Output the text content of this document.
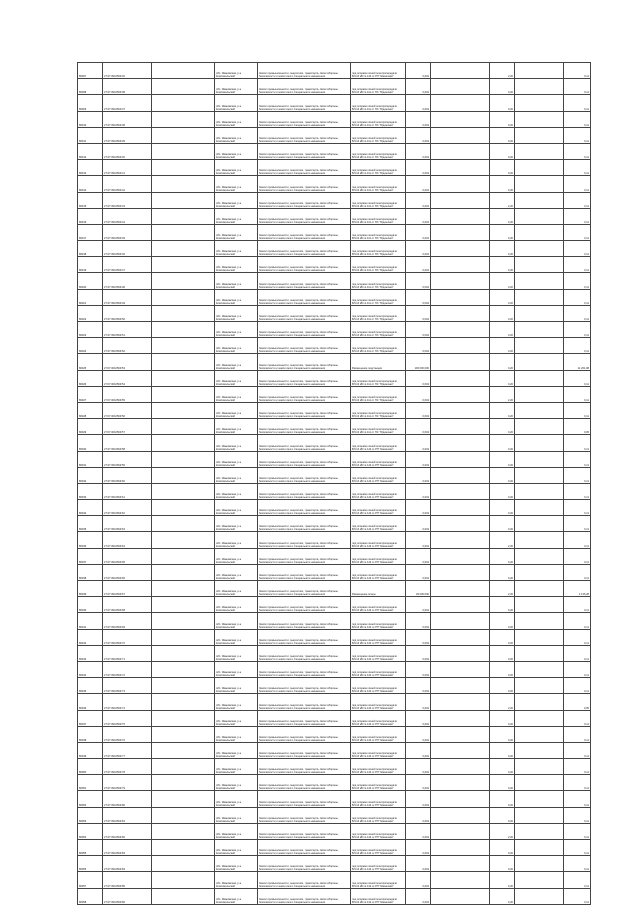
86007	27:07:0010509:32		обл. Ивановская, р-н Комсомольский	Земли промышленности, энергетики, транспорта, связи обороны, безопасности и земли иного специального назначения	под опорами линий электропередачи ВЛ-10 кВ № 144 от РП "Шевелево"	0,004		2,20		0,11
86008	27:07:0010509:38		обл. Ивановская, р-н Комсомольский	Земли промышленности, энергетики, транспорта, связи обороны, безопасности и земли иного специального назначения	под опорами линий электропередачи ВЛ-10 кВ № 111 от ПС "Юдинская"	0,004		0,20		0,11
86009	27:07:0010509:37		обл. Ивановская, р-н Комсомольский	Земли промышленности, энергетики, транспорта, связи обороны, безопасности и земли иного специального назначения	под опорами линий электропередачи ВЛ-10 кВ № 111 от ПС "Юдинская"	0,004		0,20		0,11
86010	27:07:0010509:38		обл. Ивановская, р-н Комсомольский	Земли промышленности, энергетики, транспорта, связи обороны, безопасности и земли иного специального назначения	под опорами линий электропередачи ВЛ-10 кВ № 111 от ПС "Юдинская"	0,004		0,20		0,11
86011	27:07:0010509:39		обл. Ивановская, р-н Комсомольский	Земли промышленности, энергетики, транспорта, связи обороны, безопасности и земли иного специального назначения	под опорами линий электропередачи ВЛ-10 кВ № 111 от ПС "Юдинская"	0,004		0,20		0,11
86012	27:07:0010509:40		обл. Ивановская, р-н Комсомольский	Земли промышленности, энергетики, транспорта, связи обороны, безопасности и земли иного специального назначения	под опорами линий электропередачи ВЛ-10 кВ № 111 от ПС "Юдинская"	0,004		0,20		0,11
86013	27:07:0010509:41		обл. Ивановская, р-н Комсомольский	Земли промышленности, энергетики, транспорта, связи обороны, безопасности и земли иного специального назначения	под опорами линий электропередачи ВЛ-10 кВ № 111 от ПС "Юдинская"	0,004		0,20		0,11
86014	27:07:0010509:42		обл. Ивановская, р-н Комсомольский	Земли промышленности, энергетики, транспорта, связи обороны, безопасности и земли иного специального назначения	под опорами линий электропередачи ВЛ-10 кВ № 111 от ПС "Юдинская"	0,004		0,20		0,11
86015	27:07:0010509:43		обл. Ивановская, р-н Комсомольский	Земли промышленности, энергетики, транспорта, связи обороны, безопасности и земли иного специального назначения	под опорами линий электропередачи ВЛ-10 кВ № 111 от ПС "Юдинская"	0,004		2,20		0,11
86016	27:07:0010509:44		обл. Ивановская, р-н Комсомольский	Земли промышленности, энергетики, транспорта, связи обороны, безопасности и земли иного специального назначения	под опорами линий электропередачи ВЛ-10 кВ № 111 от ПС "Юдинская"	0,004		0,20		0,11
86017	27:07:0010509:45		обл. Ивановская, р-н Комсомольский	Земли промышленности, энергетики, транспорта, связи обороны, безопасности и земли иного специального назначения	под опорами линий электропередачи ВЛ-10 кВ № 111 от ПС "Юдинская"	0,004		0,20		0,11
86018	27:07:0010509:46		обл. Ивановская, р-н Комсомольский	Земли промышленности, энергетики, транспорта, связи обороны, безопасности и земли иного специального назначения	под опорами линий электропередачи ВЛ-10 кВ № 111 от ПС "Юдинская"	0,004		0,20		0,11
86019	27:07:0010509:47		обл. Ивановская, р-н Комсомольский	Земли промышленности, энергетики, транспорта, связи обороны, безопасности и земли иного специального назначения	под опорами линий электропередачи ВЛ-10 кВ № 111 от ПС "Юдинская"	0,004		0,20		0,11
86020	27:07:0010509:48		обл. Ивановская, р-н Комсомольский	Земли промышленности, энергетики, транспорта, связи обороны, безопасности и земли иного специального назначения	под опорами линий электропередачи ВЛ-10 кВ № 111 от ПС "Юдинская"	0,004		0,20		0,11
86021	27:07:0010509:49		обл. Ивановская, р-н Комсомольский	Земли промышленности, энергетики, транспорта, связи обороны, безопасности и земли иного специального назначения	под опорами линий электропередачи ВЛ-10 кВ № 111 от ПС "Юдинская"	0,004		0,20		0,11
86022	27:07:0010509:50		обл. Ивановская, р-н Комсомольский	Земли промышленности, энергетики, транспорта, связи обороны, безопасности и земли иного специального назначения	под опорами линий электропередачи ВЛ-10 кВ № 111 от ПС "Юдинская"	0,004		0,20		0,11
86023	27:07:0010509:51		обл. Ивановская, р-н Комсомольский	Земли промышленности, энергетики, транспорта, связи обороны, безопасности и земли иного специального назначения	под опорами линий электропередачи ВЛ-10 кВ № 111 от ПС "Юдинская"	0,004		0,20		0,11
86024	27:07:0010509:52		обл. Ивановская, р-н Комсомольский	Земли промышленности, энергетики, транспорта, связи обороны, безопасности и земли иного специального назначения	под опорами линий электропередачи ВЛ-10 кВ № 111 от ПС "Юдинская"	0,004		0,20		0,11
86025	27:07:0010509:53		обл. Ивановская, р-н Комсомольский	Земли промышленности, энергетики, транспорта, связи обороны, безопасности и земли иного специального назначения	Размещение подстанции	100 000,000		0,20		11 261,98
86026	27:07:0010509:54		обл. Ивановская, р-н Комсомольский	Земли промышленности, энергетики, транспорта, связи обороны, безопасности и земли иного специального назначения	под опорами линий электропередачи ВЛ-10 кВ № 111 от ПС "Юдинская"	0,004		0,20		0,11
86027	27:07:0010509:55		обл. Ивановская, р-н Комсомольский	Земли промышленности, энергетики, транспорта, связи обороны, безопасности и земли иного специального назначения	под опорами линий электропередачи ВЛ-10 кВ № 111 от ПС "Юдинская"	0,004		2,20		0,11
86028	27:07:0010509:56		обл. Ивановская, р-н Комсомольский	Земли промышленности, энергетики, транспорта, связи обороны, безопасности и земли иного специального назначения	под опорами линий электропередачи ВЛ-10 кВ № 111 от ПС "Юдинская"	0,004		0,20		0,11
86029	27:07:0010509:57		обл. Ивановская, р-н Комсомольский	Земли промышленности, энергетики, транспорта, связи обороны, безопасности и земли иного специального назначения	под опорами линий электропередачи ВЛ-10 кВ № 111 от ПС "Юдинская"	0,004		0,20		0,05
86030	27:07:0010509:58		обл. Ивановская, р-н Комсомольский	Земли промышленности, энергетики, транспорта, связи обороны, безопасности и земли иного специального назначения	под опорами линий электропередачи ВЛ-10 кВ № 144 от РП "Шевелево"	0,004		0,20		0,11
86031	27:07:0010509:59		обл. Ивановская, р-н Комсомольский	Земли промышленности, энергетики, транспорта, связи обороны, безопасности и земли иного специального назначения	под опорами линий электропередачи ВЛ-10 кВ № 144 от РП "Шевелево"	0,004		0,20		0,11
86032	27:07:0010509:60		обл. Ивановская, р-н Комсомольский	Земли промышленности, энергетики, транспорта, связи обороны, безопасности и земли иного специального назначения	под опорами линий электропередачи ВЛ-10 кВ № 144 от РП "Шевелево"	0,004		0,20		0,11
86033	27:07:0010509:61		обл. Ивановская, р-н Комсомольский	Земли промышленности, энергетики, транспорта, связи обороны, безопасности и земли иного специального назначения	под опорами линий электропередачи ВЛ-10 кВ № 144 от РП "Шевелево"	0,004		0,20		0,11
86034	27:07:0010509:62		обл. Ивановская, р-н Комсомольский	Земли промышленности, энергетики, транспорта, связи обороны, безопасности и земли иного специального назначения	под опорами линий электропередачи ВЛ-10 кВ № 144 от РП "Шевелево"	0,004		0,20		0,11
86035	27:07:0010509:63		обл. Ивановская, р-н Комсомольский	Земли промышленности, энергетики, транспорта, связи обороны, безопасности и земли иного специального назначения	под опорами линий электропередачи ВЛ-10 кВ № 144 от РП "Шевелево"	0,004		0,20		0,11
86036	27:07:0010509:64		обл. Ивановская, р-н Комсомольский	Земли промышленности, энергетики, транспорта, связи обороны, безопасности и земли иного специального назначения	под опорами линий электропередачи ВЛ-10 кВ № 144 от РП "Шевелево"	0,004		2,20		0,11
86037	27:07:0010509:65		обл. Ивановская, р-н Комсомольский	Земли промышленности, энергетики, транспорта, связи обороны, безопасности и земли иного специального назначения	под опорами линий электропередачи ВЛ-10 кВ № 144 от РП "Шевелево"	0,004		0,20		0,11
86038	27:07:0010509:66		обл. Ивановская, р-н Комсомольский	Земли промышленности, энергетики, транспорта, связи обороны, безопасности и земли иного специального назначения	под опорами линий электропередачи ВЛ-10 кВ № 144 от РП "Шевелево"	0,004		0,20		0,11
86039	27:07:0010509:67		обл. Ивановская, р-н Комсомольский	Земли промышленности, энергетики, транспорта, связи обороны, безопасности и земли иного специального назначения	Размещение опоры	29 000,000		2,20		2 136,28
86040	27:07:0010509:68		обл. Ивановская, р-н Комсомольский	Земли промышленности, энергетики, транспорта, связи обороны, безопасности и земли иного специального назначения	под опорами линий электропередачи ВЛ-10 кВ № 144 от РП "Шевелево"	0,004		0,20		0,11
86041	27:07:0010509:69		обл. Ивановская, р-н Комсомольский	Земли промышленности, энергетики, транспорта, связи обороны, безопасности и земли иного специального назначения	под опорами линий электропередачи ВЛ-10 кВ № 144 от РП "Шевелево"	0,004		0,20		0,11
86042	27:07:0010509:70		обл. Ивановская, р-н Комсомольский	Земли промышленности, энергетики, транспорта, связи обороны, безопасности и земли иного специального назначения	под опорами линий электропередачи ВЛ-10 кВ № 144 от РП "Шевелево"	0,004		0,20		0,11
86043	27:07:0010509:71		обл. Ивановская, р-н Комсомольский	Земли промышленности, энергетики, транспорта, связи обороны, безопасности и земли иного специального назначения	под опорами линий электропередачи ВЛ-10 кВ № 144 от РП "Шевелево"	0,004		0,20		0,11
86044	27:07:0010509:72		обл. Ивановская, р-н Комсомольский	Земли промышленности, энергетики, транспорта, связи обороны, безопасности и земли иного специального назначения	под опорами линий электропередачи ВЛ-10 кВ № 144 от РП "Шевелево"	0,004		0,20		0,11
86045	27:07:0010509:73		обл. Ивановская, р-н Комсомольский	Земли промышленности, энергетики, транспорта, связи обороны, безопасности и земли иного специального назначения	под опорами линий электропередачи ВЛ-10 кВ № 144 от РП "Шевелево"	0,004		0,20		0,11
86046	27:07:0010509:74		обл. Ивановская, р-н Комсомольский	Земли промышленности, энергетики, транспорта, связи обороны, безопасности и земли иного специального назначения	под опорами линий электропередачи ВЛ-10 кВ № 144 от РП "Шевелево"	0,004		2,20		0,05
86047	27:07:0010509:75		обл. Ивановская, р-н Комсомольский	Земли промышленности, энергетики, транспорта, связи обороны, безопасности и земли иного специального назначения	под опорами линий электропередачи ВЛ-10 кВ № 144 от РП "Шевелево"	0,004		0,20		0,11
86048	27:07:0010509:76		обл. Ивановская, р-н Комсомольский	Земли промышленности, энергетики, транспорта, связи обороны, безопасности и земли иного специального назначения	под опорами линий электропередачи ВЛ-10 кВ № 144 от РП "Шевелево"	0,004		0,20		0,11
86049	27:07:0010509:77		обл. Ивановская, р-н Комсомольский	Земли промышленности, энергетики, транспорта, связи обороны, безопасности и земли иного специального назначения	под опорами линий электропередачи ВЛ-10 кВ № 144 от РП "Шевелево"	0,004		0,20		0,11
86050	27:07:0010509:78		обл. Ивановская, р-н Комсомольский	Земли промышленности, энергетики, транспорта, связи обороны, безопасности и земли иного специального назначения	под опорами линий электропередачи ВЛ-10 кВ № 144 от РП "Шевелево"	0,004		0,20		0,11
86051	27:07:0010509:79		обл. Ивановская, р-н Комсомольский	Земли промышленности, энергетики, транспорта, связи обороны, безопасности и земли иного специального назначения	под опорами линий электропередачи ВЛ-10 кВ № 144 от РП "Шевелево"	0,004		0,20		0,11
86052	27:07:0010509:80		обл. Ивановская, р-н Комсомольский	Земли промышленности, энергетики, транспорта, связи обороны, безопасности и земли иного специального назначения	под опорами линий электропередачи ВЛ-10 кВ № 144 от РП "Шевелево"	0,004		0,20		0,11
86053	27:07:0010509:81		обл. Ивановская, р-н Комсомольский	Земли промышленности, энергетики, транспорта, связи обороны, безопасности и земли иного специального назначения	под опорами линий электропередачи ВЛ-10 кВ № 144 от РП "Шевелево"	0,004		0,20		0,11
86054	27:07:0010509:82		обл. Ивановская, р-н Комсомольский	Земли промышленности, энергетики, транспорта, связи обороны, безопасности и земли иного специального назначения	под опорами линий электропередачи ВЛ-10 кВ № 144 от РП "Шевелево"	0,004		2,20		0,11
86055	27:07:0010509:83		обл. Ивановская, р-н Комсомольский	Земли промышленности, энергетики, транспорта, связи обороны, безопасности и земли иного специального назначения	под опорами линий электропередачи ВЛ-10 кВ № 144 от РП "Шевелево"	0,004		0,20		0,11
86056	27:07:0010509:84		обл. Ивановская, р-н Комсомольский	Земли промышленности, энергетики, транспорта, связи обороны, безопасности и земли иного специального назначения	под опорами линий электропередачи ВЛ-10 кВ № 144 от РП "Шевелево"	0,004		0,20		0,11
86057	27:07:0010509:85		обл. Ивановская, р-н Комсомольский	Земли промышленности, энергетики, транспорта, связи обороны, безопасности и земли иного специального назначения	под опорами линий электропередачи ВЛ-10 кВ № 144 от РП "Шевелево"	0,004		0,20		0,11
86058	27:07:0010509:86		обл. Ивановская, р-н Комсомольский	Земли промышленности, энергетики, транспорта, связи обороны, безопасности и земли иного специального назначения	под опорами линий электропередачи ВЛ-10 кВ № 144 от РП "Шевелево"	0,004		0,20		0,11
